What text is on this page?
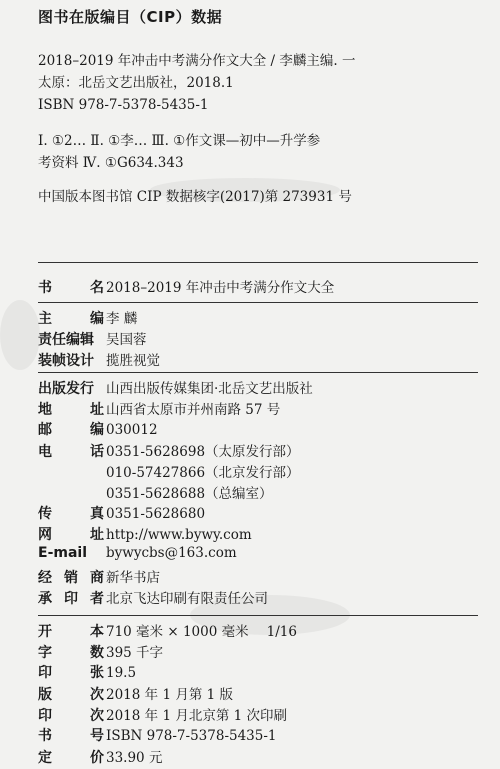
图书在版编目（CIP）数据
2018–2019 年冲击中考满分作文大全 / 李麟主编. 一
太原：北岳文艺出版社，2018.1
ISBN 978-7-5378-5435-1
Ⅰ. ①2… Ⅱ. ①李… Ⅲ. ①作文课—初中—升学参
考资料 Ⅳ. ①G634.343
中国版本图书馆 CIP 数据核字(2017)第 273931 号
书	名 2018–2019 年冲击中考满分作文大全
主	编 李 麟
责任编辑 吴国蓉
装帧设计 揽胜视觉
出版发行 山西出版传媒集团·北岳文艺出版社
地	址 山西省太原市并州南路 57 号
邮	编 030012
电	话 0351-5628698（太原发行部）
010-57427866（北京发行部）
0351-5628688（总编室）
传	真 0351-5628680
网	址 http://www.bywy.com
E-mail	bywycbs@163.com
经 销 商 新华书店
承 印 者 北京飞达印刷有限责任公司
开	本 710 毫米 × 1000 毫米 1/16
字	数 395 千字
印	张 19.5
版	次 2018 年 1 月第 1 版
印	次 2018 年 1 月北京第 1 次印刷
书	号 ISBN 978-7-5378-5435-1
定	价 33.90 元
